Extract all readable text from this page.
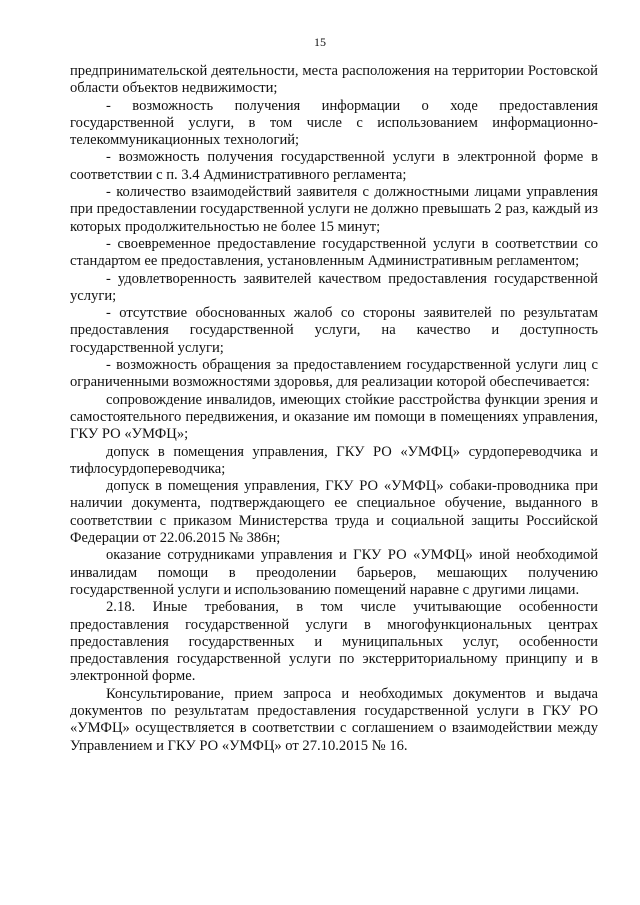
15

предпринимательской деятельности, места расположения на территории Ростовской области объектов недвижимости;

- возможность получения информации о ходе предоставления государственной услуги, в том числе с использованием информационно-телекоммуникационных технологий;

- возможность получения государственной услуги в электронной форме в соответствии с п. 3.4 Административного регламента;

- количество взаимодействий заявителя с должностными лицами управления при предоставлении государственной услуги не должно превышать 2 раз, каждый из которых продолжительностью не более 15 минут;

- своевременное предоставление государственной услуги в соответствии со стандартом ее предоставления, установленным Административным регламентом;

- удовлетворенность заявителей качеством предоставления государственной услуги;

- отсутствие обоснованных жалоб со стороны заявителей по результатам предоставления государственной услуги, на качество и доступность государственной услуги;

- возможность обращения за предоставлением государственной услуги лиц с ограниченными возможностями здоровья, для реализации которой обеспечивается:

сопровождение инвалидов, имеющих стойкие расстройства функции зрения и самостоятельного передвижения, и оказание им помощи в помещениях управления, ГКУ РО «УМФЦ»;

допуск в помещения управления, ГКУ РО «УМФЦ» сурдопереводчика и тифлосурдопереводчика;

допуск в помещения управления, ГКУ РО «УМФЦ» собаки-проводника при наличии документа, подтверждающего ее специальное обучение, выданного в соответствии с приказом Министерства труда и социальной защиты Российской Федерации от 22.06.2015 № 386н;

оказание сотрудниками управления и ГКУ РО «УМФЦ» иной необходимой инвалидам помощи в преодолении барьеров, мешающих получению государственной услуги и использованию помещений наравне с другими лицами.

2.18. Иные требования, в том числе учитывающие особенности предоставления государственной услуги в многофункциональных центрах предоставления государственных и муниципальных услуг, особенности предоставления государственной услуги по экстерриториальному принципу и в электронной форме.

Консультирование, прием запроса и необходимых документов и выдача документов по результатам предоставления государственной услуги в ГКУ РО «УМФЦ» осуществляется в соответствии с соглашением о взаимодействии между Управлением и ГКУ РО «УМФЦ» от 27.10.2015 № 16.
